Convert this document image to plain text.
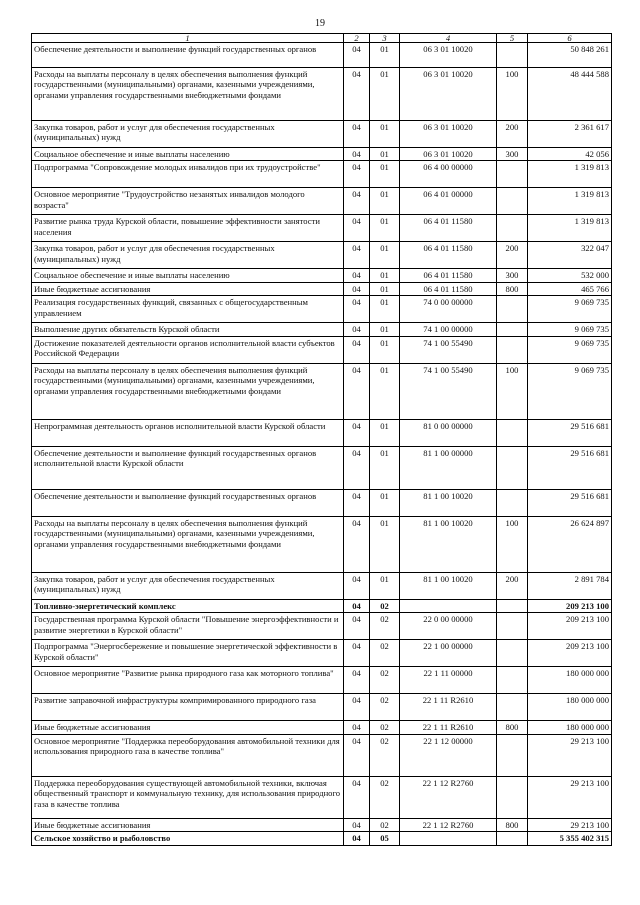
19
1	2	3	4	5	6
Обеспечение деятельности и выполнение функций государственных органов	04	01	06 3 01 10020		50 848 261
Расходы на выплаты персоналу в целях обеспечения выполнения функций государственными (муниципальными) органами, казенными учреждениями, органами управления государственными внебюджетными фондами	04	01	06 3 01 10020	100	48 444 588
Закупка товаров, работ и услуг для обеспечения государственных (муниципальных) нужд	04	01	06 3 01 10020	200	2 361 617
Социальное обеспечение и иные выплаты населению	04	01	06 3 01 10020	300	42 056
Подпрограмма "Сопровождение молодых инвалидов при их трудоустройстве"	04	01	06 4 00 00000		1 319 813
Основное мероприятие "Трудоустройство незанятых инвалидов молодого возраста"	04	01	06 4 01 00000		1 319 813
Развитие рынка труда Курской области, повышение эффективности занятости населения	04	01	06 4 01 11580		1 319 813
Закупка товаров, работ и услуг для обеспечения государственных (муниципальных) нужд	04	01	06 4 01 11580	200	322 047
Социальное обеспечение и иные выплаты населению	04	01	06 4 01 11580	300	532 000
Иные бюджетные ассигнования	04	01	06 4 01 11580	800	465 766
Реализация государственных функций, связанных с общегосударственным управлением	04	01	74 0 00 00000		9 069 735
Выполнение других обязательств Курской области	04	01	74 1 00 00000		9 069 735
Достижение показателей деятельности органов исполнительной власти субъектов Российской Федерации	04	01	74 1 00 55490		9 069 735
Расходы на выплаты персоналу в целях обеспечения выполнения функций государственными (муниципальными) органами, казенными учреждениями, органами управления государственными внебюджетными фондами	04	01	74 1 00 55490	100	9 069 735
Непрограммная деятельность органов исполнительной власти Курской области	04	01	81 0 00 00000		29 516 681
Обеспечение деятельности и выполнение функций государственных органов исполнительной власти Курской области	04	01	81 1 00 00000		29 516 681
Обеспечение деятельности и выполнение функций государственных органов	04	01	81 1 00 10020		29 516 681
Расходы на выплаты персоналу в целях обеспечения выполнения функций государственными (муниципальными) органами, казенными учреждениями, органами управления государственными внебюджетными фондами	04	01	81 1 00 10020	100	26 624 897
Закупка товаров, работ и услуг для обеспечения государственных (муниципальных) нужд	04	01	81 1 00 10020	200	2 891 784
Топливно-энергетический комплекс	04	02			209 213 100
Государственная программа Курской области "Повышение энергоэффективности и развитие энергетики в Курской области"	04	02	22 0 00 00000		209 213 100
Подпрограмма "Энергосбережение и повышение энергетической эффективности в Курской области"	04	02	22 1 00 00000		209 213 100
Основное мероприятие "Развитие рынка природного газа как моторного топлива"	04	02	22 1 11 00000		180 000 000
Развитие заправочной инфраструктуры компримированного природного газа	04	02	22 1 11 R2610		180 000 000
Иные бюджетные ассигнования	04	02	22 1 11 R2610	800	180 000 000
Основное мероприятие "Поддержка переоборудования автомобильной техники для использования природного газа в качестве топлива"	04	02	22 1 12 00000		29 213 100
Поддержка переоборудования существующей автомобильной техники, включая общественный транспорт и коммунальную технику, для использования природного газа в качестве топлива	04	02	22 1 12 R2760		29 213 100
Иные бюджетные ассигнования	04	02	22 1 12 R2760	800	29 213 100
Сельское хозяйство и рыболовство	04	05			5 355 402 315
